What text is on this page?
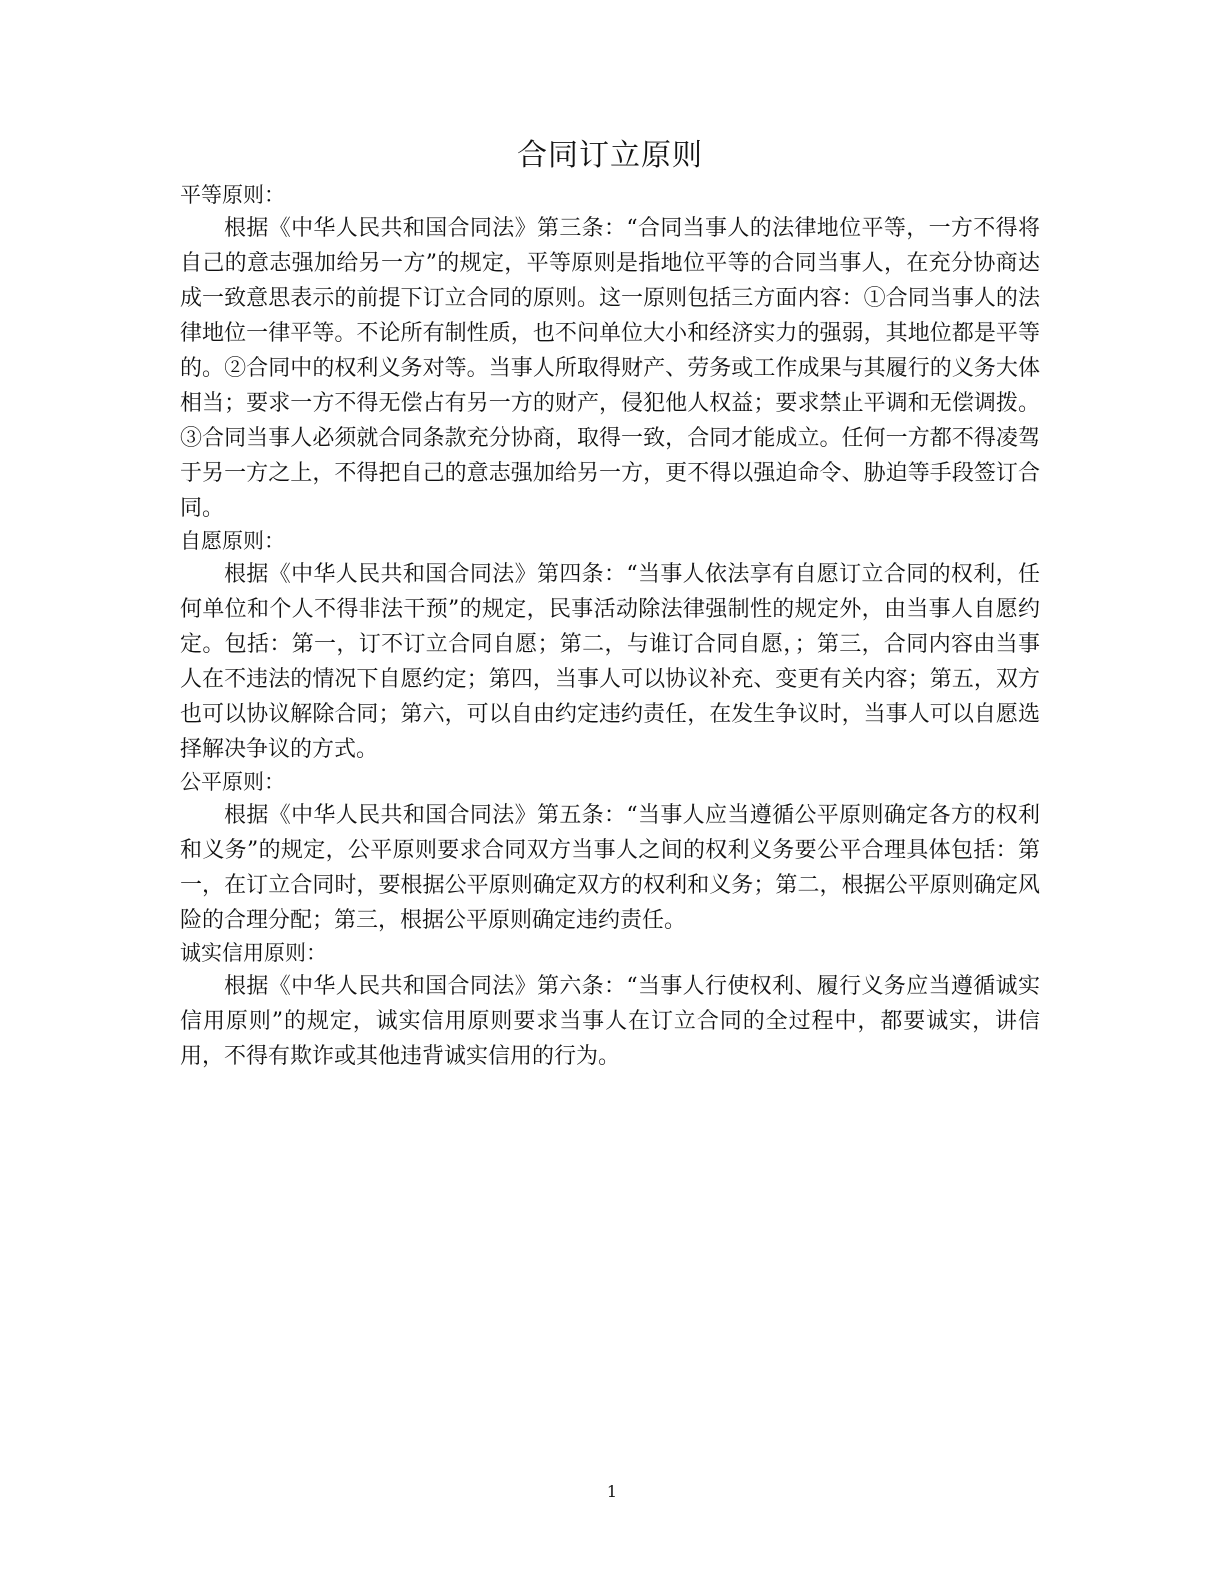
合同订立原则

平等原则：

根据《中华人民共和国合同法》第三条：“合同当事人的法律地位平等，一方不得将自己的意志强加给另一方”的规定，平等原则是指地位平等的合同当事人，在充分协商达成一致意思表示的前提下订立合同的原则。这一原则包括三方面内容：①合同当事人的法律地位一律平等。不论所有制性质，也不问单位大小和经济实力的强弱，其地位都是平等的。②合同中的权利义务对等。当事人所取得财产、劳务或工作成果与其履行的义务大体相当；要求一方不得无偿占有另一方的财产，侵犯他人权益；要求禁止平调和无偿调拨。③合同当事人必须就合同条款充分协商，取得一致，合同才能成立。任何一方都不得凌驾于另一方之上，不得把自己的意志强加给另一方，更不得以强迫命令、胁迫等手段签订合同。

自愿原则：

根据《中华人民共和国合同法》第四条：“当事人依法享有自愿订立合同的权利，任何单位和个人不得非法干预”的规定，民事活动除法律强制性的规定外，由当事人自愿约定。包括：第一，订不订立合同自愿；第二，与谁订合同自愿，；第三，合同内容由当事人在不违法的情况下自愿约定；第四，当事人可以协议补充、变更有关内容；第五，双方也可以协议解除合同；第六，可以自由约定违约责任，在发生争议时，当事人可以自愿选择解决争议的方式。

公平原则：

根据《中华人民共和国合同法》第五条：“当事人应当遵循公平原则确定各方的权利和义务”的规定，公平原则要求合同双方当事人之间的权利义务要公平合理具体包括：第一，在订立合同时，要根据公平原则确定双方的权利和义务；第二，根据公平原则确定风险的合理分配；第三，根据公平原则确定违约责任。

诚实信用原则：

根据《中华人民共和国合同法》第六条：“当事人行使权利、履行义务应当遵循诚实信用原则”的规定，诚实信用原则要求当事人在订立合同的全过程中，都要诚实，讲信用，不得有欺诈或其他违背诚实信用的行为。

1
